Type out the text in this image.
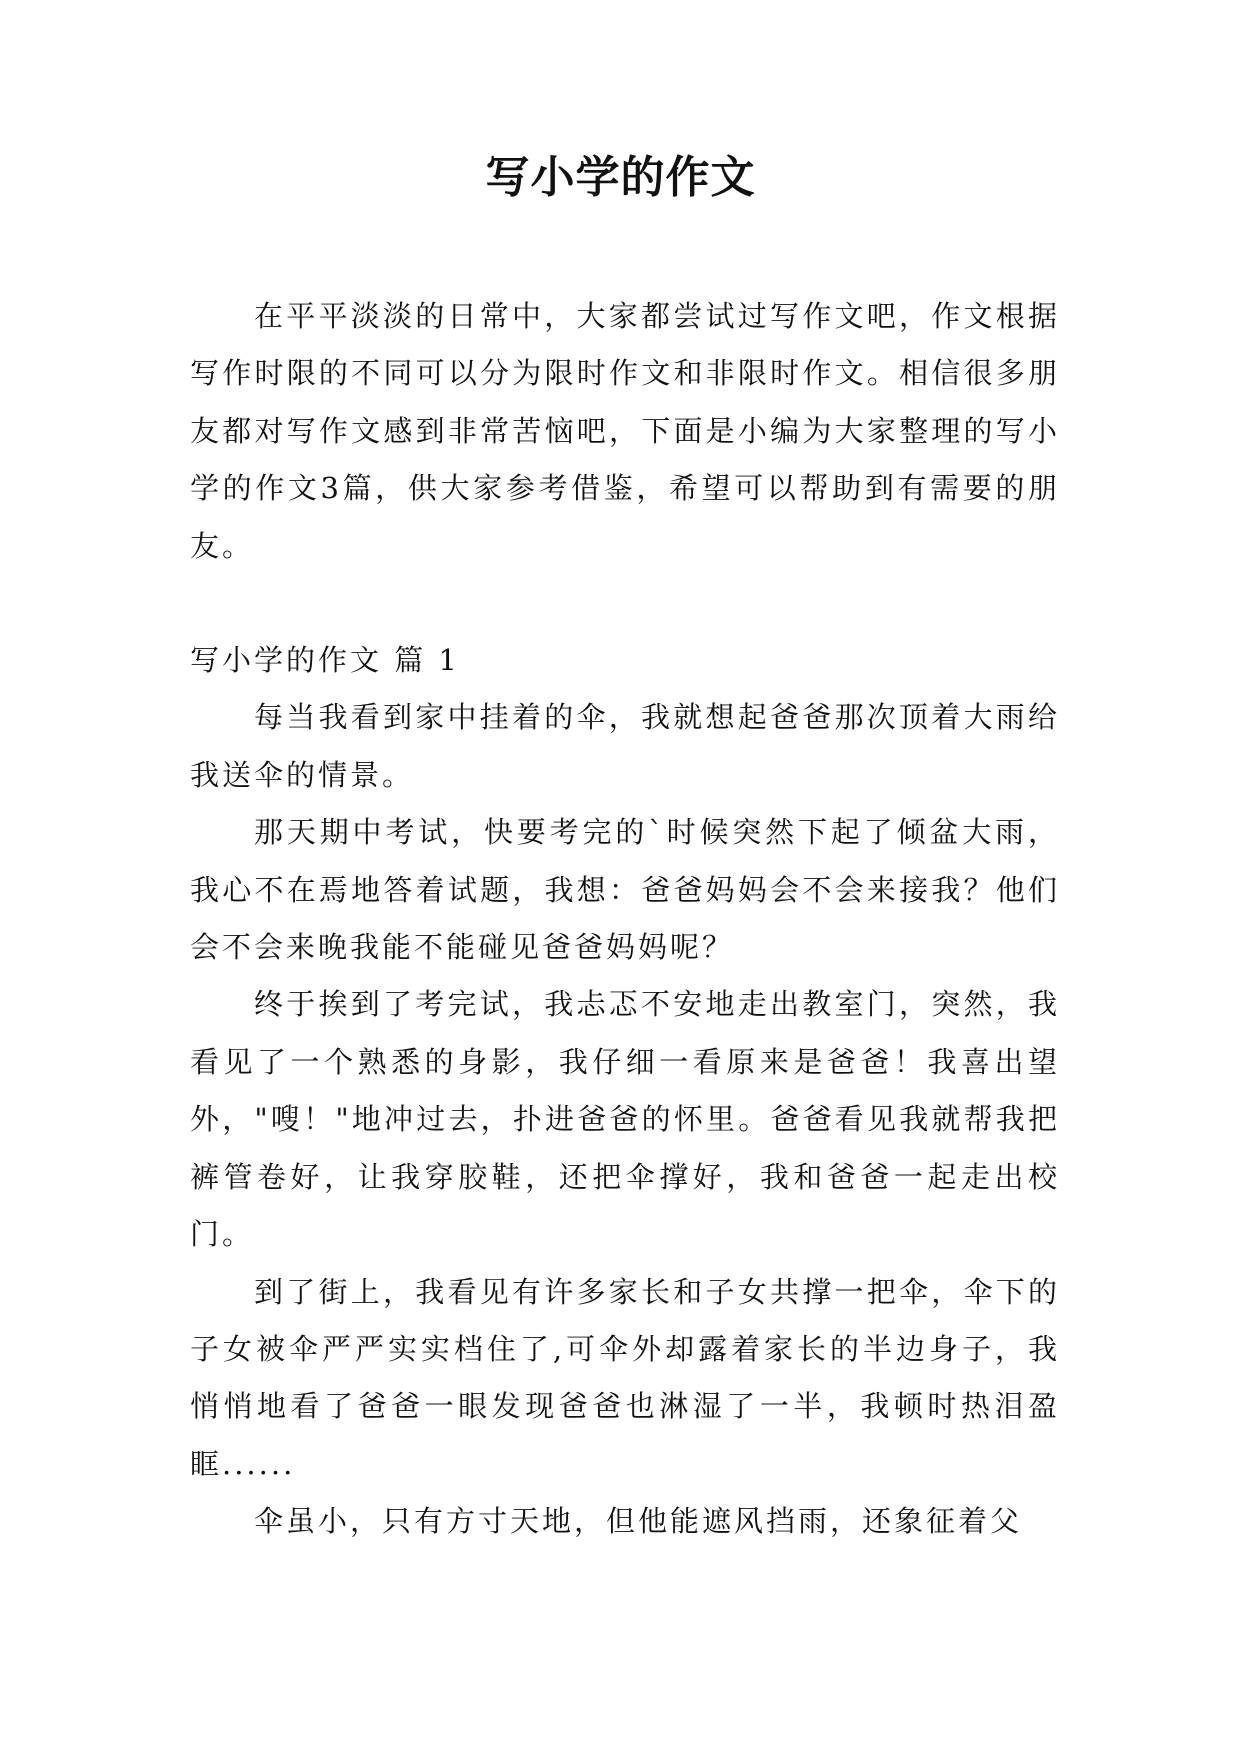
写小学的作文

在平平淡淡的日常中，大家都尝试过写作文吧，作文根据写作时限的不同可以分为限时作文和非限时作文。相信很多朋友都对写作文感到非常苦恼吧，下面是小编为大家整理的写小学的作文3篇，供大家参考借鉴，希望可以帮助到有需要的朋友。

写小学的作文 篇 1

每当我看到家中挂着的伞，我就想起爸爸那次顶着大雨给我送伞的情景。

那天期中考试，快要考完的`时候突然下起了倾盆大雨，我心不在焉地答着试题，我想：爸爸妈妈会不会来接我？他们会不会来晚我能不能碰见爸爸妈妈呢？

终于挨到了考完试，我忐忑不安地走出教室门，突然，我看见了一个熟悉的身影，我仔细一看原来是爸爸！我喜出望外，"嗖！"地冲过去，扑进爸爸的怀里。爸爸看见我就帮我把裤管卷好，让我穿胶鞋，还把伞撑好，我和爸爸一起走出校门。

到了街上，我看见有许多家长和子女共撑一把伞，伞下的子女被伞严严实实档住了,可伞外却露着家长的半边身子，我悄悄地看了爸爸一眼发现爸爸也淋湿了一半，我顿时热泪盈眶......

伞虽小，只有方寸天地，但他能遮风挡雨，还象征着父
